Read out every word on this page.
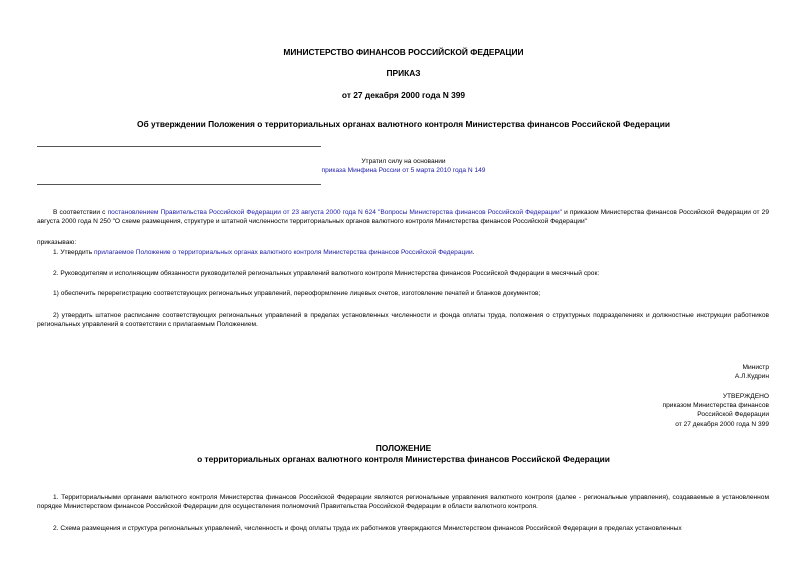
МИНИСТЕРСТВО ФИНАНСОВ РОССИЙСКОЙ ФЕДЕРАЦИИ
ПРИКАЗ
от 27 декабря 2000 года N 399
Об утверждении Положения о территориальных органах валютного контроля Министерства финансов Российской Федерации

Утратил силу на основании

приказа Минфина России от 5 марта 2010 года N 149

В соответствии с постановлением Правительства Российской Федерации от 23 августа 2000 года N 624 "Вопросы Министерства финансов Российской Федерации" и приказом Министерства финансов Российской Федерации от 29 августа 2000 года N 250 "О схеме размещения, структуре и штатной численности территориальных органов валютного контроля Министерства финансов Российской Федерации"
приказываю:
1. Утвердить прилагаемое Положение о территориальных органах валютного контроля Министерства финансов Российской Федерации.
2. Руководителям и исполняющим обязанности руководителей региональных управлений валютного контроля Министерства финансов Российской Федерации в месячный срок:
1) обеспечить перерегистрацию соответствующих региональных управлений, переоформление лицевых счетов, изготовление печатей и бланков документов;
2) утвердить штатное расписание соответствующих региональных управлений в пределах установленных численности и фонда оплаты труда, положения о структурных подразделениях и должностные инструкции работников региональных управлений в соответствии с прилагаемым Положением.

Министр

А.Л.Кудрин

УТВЕРЖДЕНО

приказом Министерства финансов

Российской Федерации

от 27 декабря 2000 года N 399

ПОЛОЖЕНИЕ
о территориальных органах валютного контроля Министерства финансов Российской Федерации
1. Территориальными органами валютного контроля Министерства финансов Российской Федерации являются региональные управления валютного контроля (далее - региональные управления), создаваемые в установленном порядке Министерством финансов Российской Федерации для осуществления полномочий Правительства Российской Федерации в области валютного контроля.
2. Схема размещения и структура региональных управлений, численность и фонд оплаты труда их работников утверждаются Министерством финансов Российской Федерации в пределах установленных
